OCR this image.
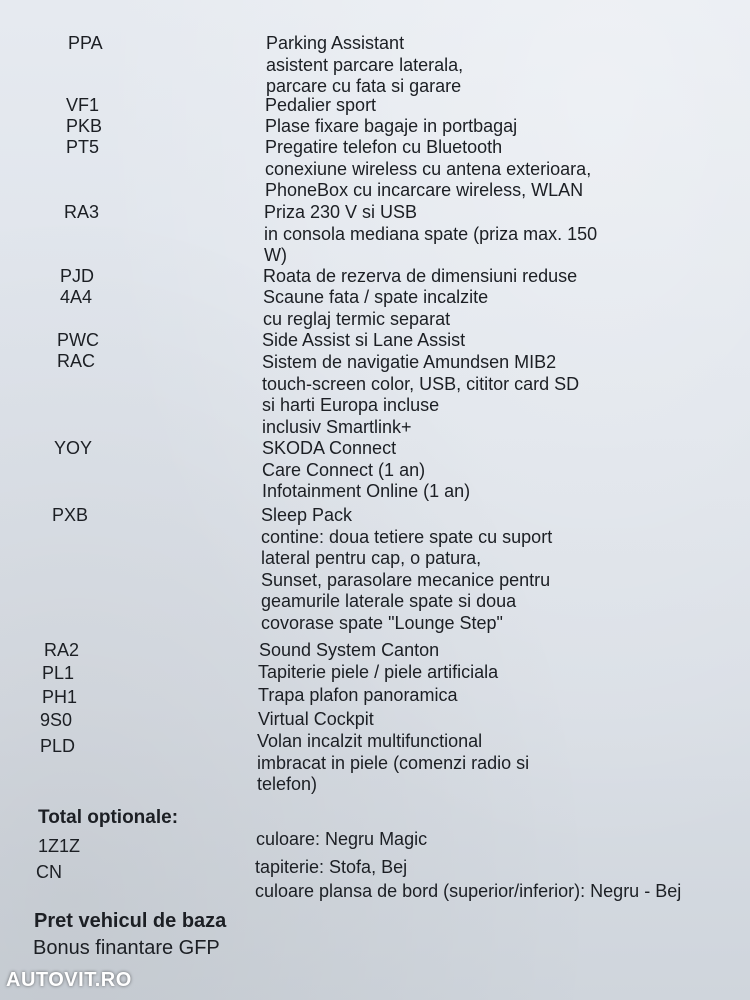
PPA	Parking Assistant
asistent parcare laterala,
parcare cu fata si garare
VF1	Pedalier sport
PKB	Plase fixare bagaje in portbagaj
PT5	Pregatire telefon cu Bluetooth
conexiune wireless cu antena exterioara,
PhoneBox cu incarcare wireless, WLAN
RA3	Priza 230 V si USB
in consola mediana spate (priza max. 150
W)
PJD	Roata de rezerva de dimensiuni reduse
4A4	Scaune fata / spate incalzite
cu reglaj termic separat
PWC	Side Assist si Lane Assist
RAC	Sistem de navigatie Amundsen MIB2
touch-screen color, USB, cititor card SD
si harti Europa incluse
inclusiv Smartlink+
YOY	SKODA Connect
Care Connect (1 an)
Infotainment Online (1 an)
PXB	Sleep Pack
contine: doua tetiere spate cu suport
lateral pentru cap, o patura,
Sunset, parasolare mecanice pentru
geamurile laterale spate si doua
covorase spate "Lounge Step"
RA2	Sound System Canton
PL1	Tapiterie piele / piele artificiala
PH1	Trapa plafon panoramica
9S0	Virtual Cockpit
PLD	Volan incalzit multifunctional
imbracat in piele (comenzi radio si
telefon)
Total optionale:
1Z1Z	culoare: Negru Magic
CN	tapiterie: Stofa, Bej
culoare plansa de bord (superior/inferior): Negru - Bej
Pret vehicul de baza
Bonus finantare GFP
AUTOVIT.RO
